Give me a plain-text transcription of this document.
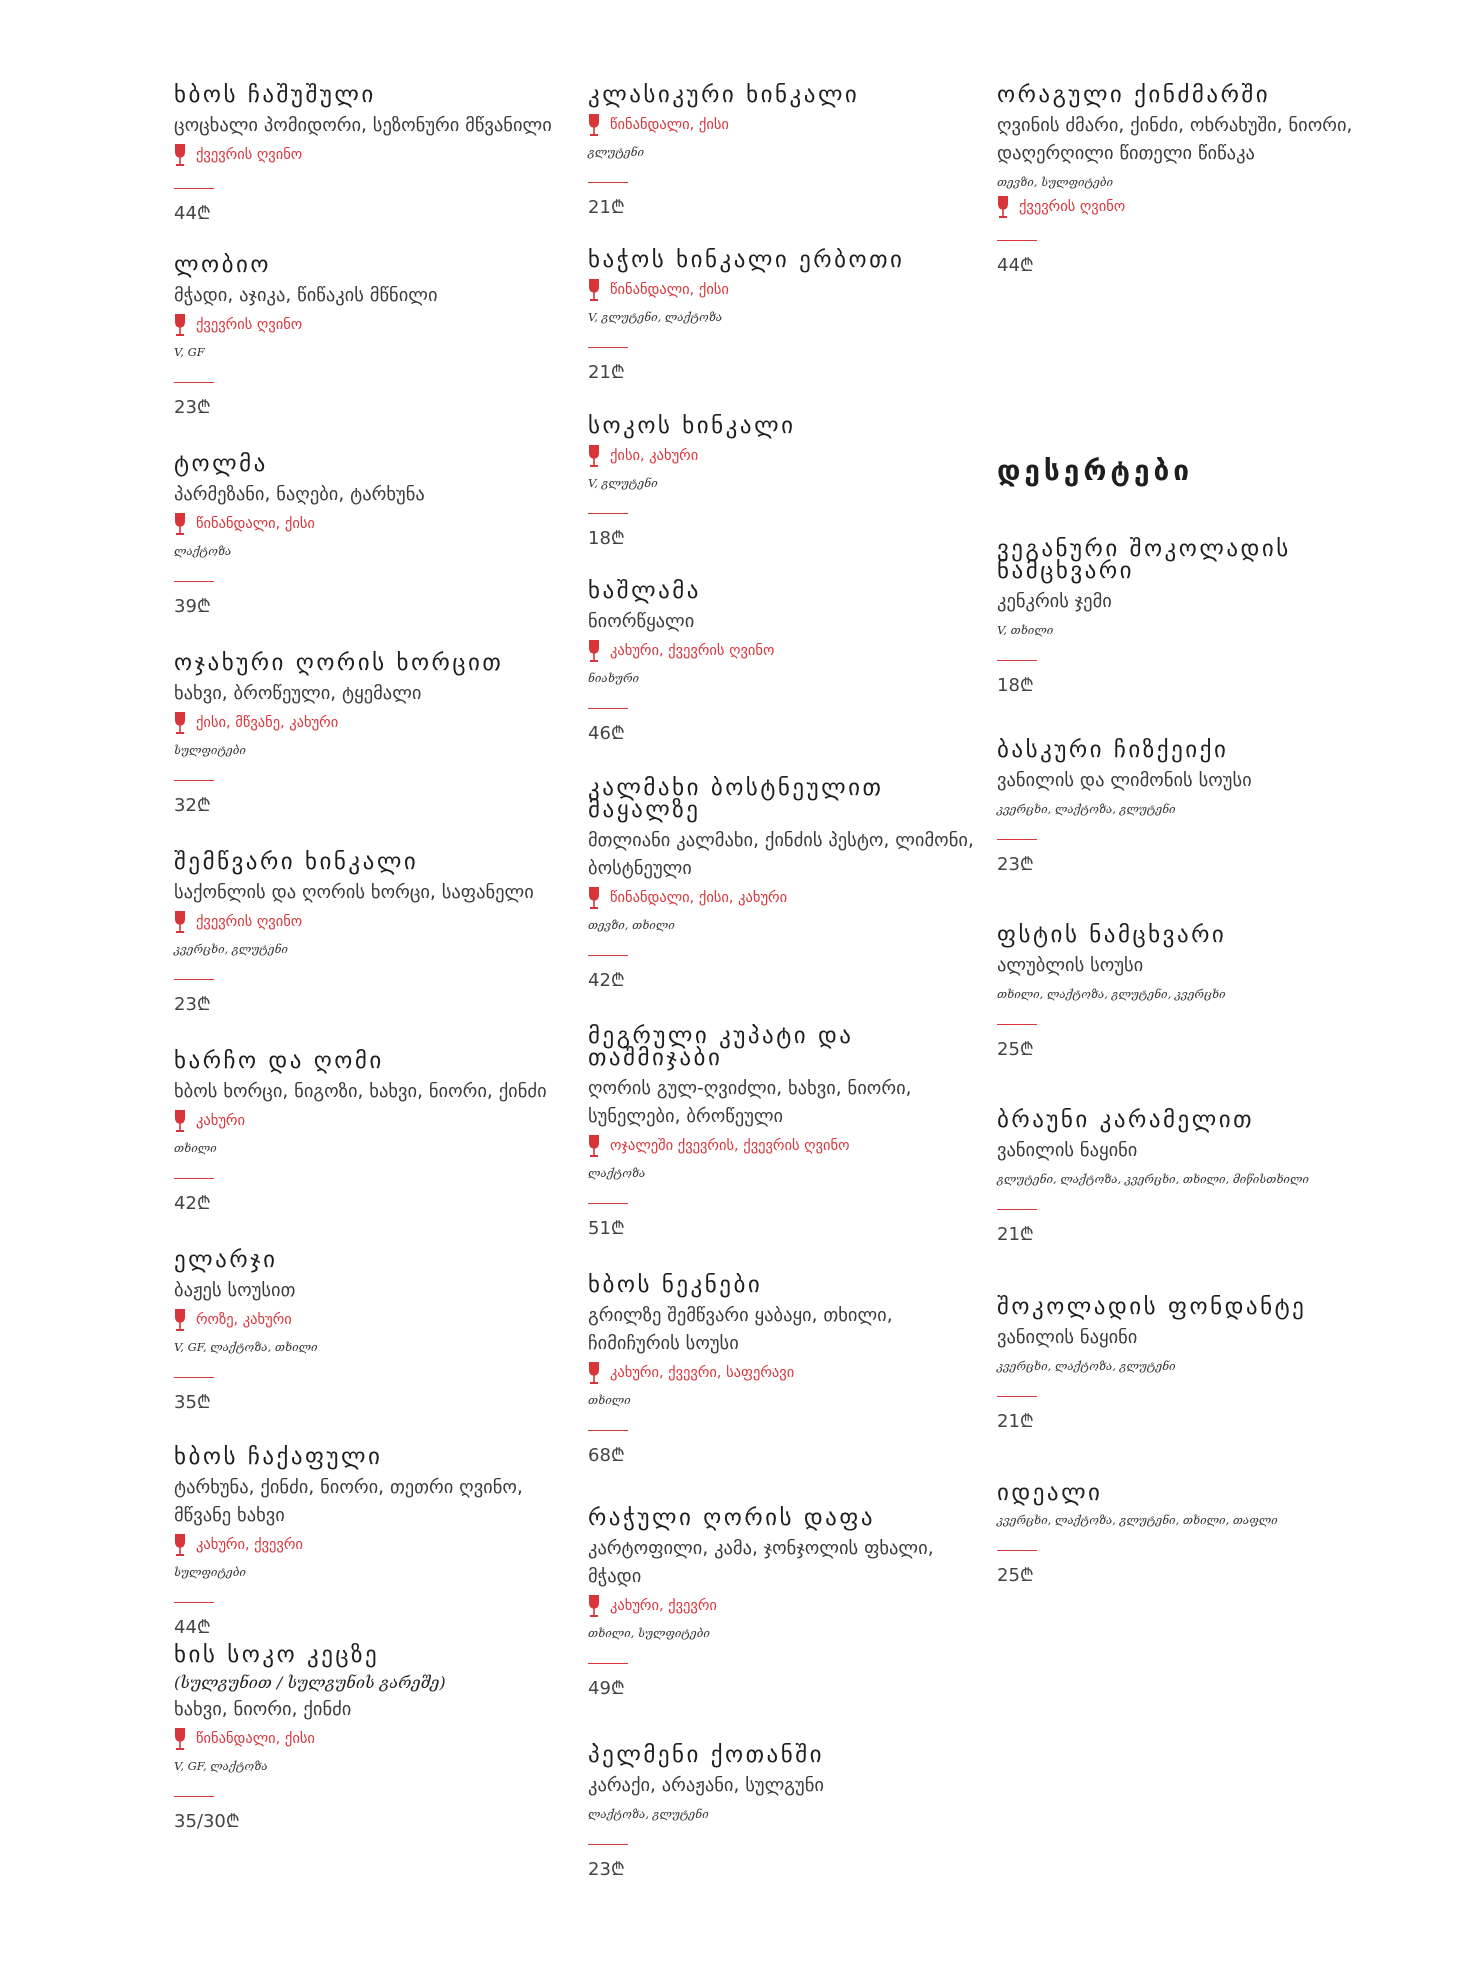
ხბოს ჩაშუშული
ცოცხალი პომიდორი, სეზონური მწვანილი
ქვევრის ღვინო
44₾
ლობიო
მჭადი, აჯიკა, წიწაკის მწნილი
ქვევრის ღვინო
V, GF
23₾
ტოლმა
პარმეზანი, ნაღები, ტარხუნა
წინანდალი, ქისი
ლაქტოზა
39₾
ოჯახური ღორის ხორცით
ხახვი, ბროწეული, ტყემალი
ქისი, მწვანე, კახური
სულფიტები
32₾
შემწვარი ხინკალი
საქონლის და ღორის ხორცი, საფანელი
ქვევრის ღვინო
კვერცხი, გლუტენი
23₾
ხარჩო და ღომი
ხბოს ხორცი, ნიგოზი, ხახვი, ნიორი, ქინძი
კახური
თხილი
42₾
ელარჯი
ბაჟეს სოუსით
როზე, კახური
V, GF, ლაქტოზა, თხილი
35₾
ხბოს ჩაქაფული
ტარხუნა, ქინძი, ნიორი, თეთრი ღვინო, მწვანე ხახვი
კახური, ქვევრი
სულფიტები
44₾
ხის სოკო კეცზე
(სულგუნით / სულგუნის გარეშე)
ხახვი, ნიორი, ქინძი
წინანდალი, ქისი
V, GF, ლაქტოზა
35/30₾
კლასიკური ხინკალი
წინანდალი, ქისი
გლუტენი
21₾
ხაჭოს ხინკალი ერბოთი
წინანდალი, ქისი
V, გლუტენი, ლაქტოზა
21₾
სოკოს ხინკალი
ქისი, კახური
V, გლუტენი
18₾
ხაშლამა
ნიორწყალი
კახური, ქვევრის ღვინო
ნიახური
46₾
კალმახი ბოსტნეულით მაყალზე
მთლიანი კალმახი, ქინძის პესტო, ლიმონი, ბოსტნეული
წინანდალი, ქისი, კახური
თევზი, თხილი
42₾
მეგრული კუპატი და თაშმიჯაბი
ღორის გულ-ღვიძლი, ხახვი, ნიორი, სუნელები, ბროწეული
ოჯალეში ქვევრის, ქვევრის ღვინო
ლაქტოზა
51₾
ხბოს ნეკნები
გრილზე შემწვარი ყაბაყი, თხილი, ჩიმიჩურის სოუსი
კახური, ქვევრი, საფერავი
თხილი
68₾
რაჭული ღორის დაფა
კარტოფილი, კამა, ჯონჯოლის ფხალი, მჭადი
კახური, ქვევრი
თხილი, სულფიტები
49₾
პელმენი ქოთანში
კარაქი, არაჟანი, სულგუნი
ლაქტოზა, გლუტენი
23₾
ორაგული ქინძმარში
ღვინის ძმარი, ქინძი, ოხრახუში, ნიორი, დაღერღილი წითელი წიწაკა
თევზი, სულფიტები
ქვევრის ღვინო
44₾
დესერტები
ვეგანური შოკოლადის ნამცხვარი
კენკრის ჯემი
V, თხილი
18₾
ბასკური ჩიზქეიქი
ვანილის და ლიმონის სოუსი
კვერცხი, ლაქტოზა, გლუტენი
23₾
ფსტის ნამცხვარი
ალუბლის სოუსი
თხილი, ლაქტოზა, გლუტენი, კვერცხი
25₾
ბრაუნი კარამელით
ვანილის ნაყინი
გლუტენი, ლაქტოზა, კვერცხი, თხილი, მიწისთხილი
21₾
შოკოლადის ფონდანტე
ვანილის ნაყინი
კვერცხი, ლაქტოზა, გლუტენი
21₾
იდეალი
კვერცხი, ლაქტოზა, გლუტენი, თხილი, თაფლი
25₾
